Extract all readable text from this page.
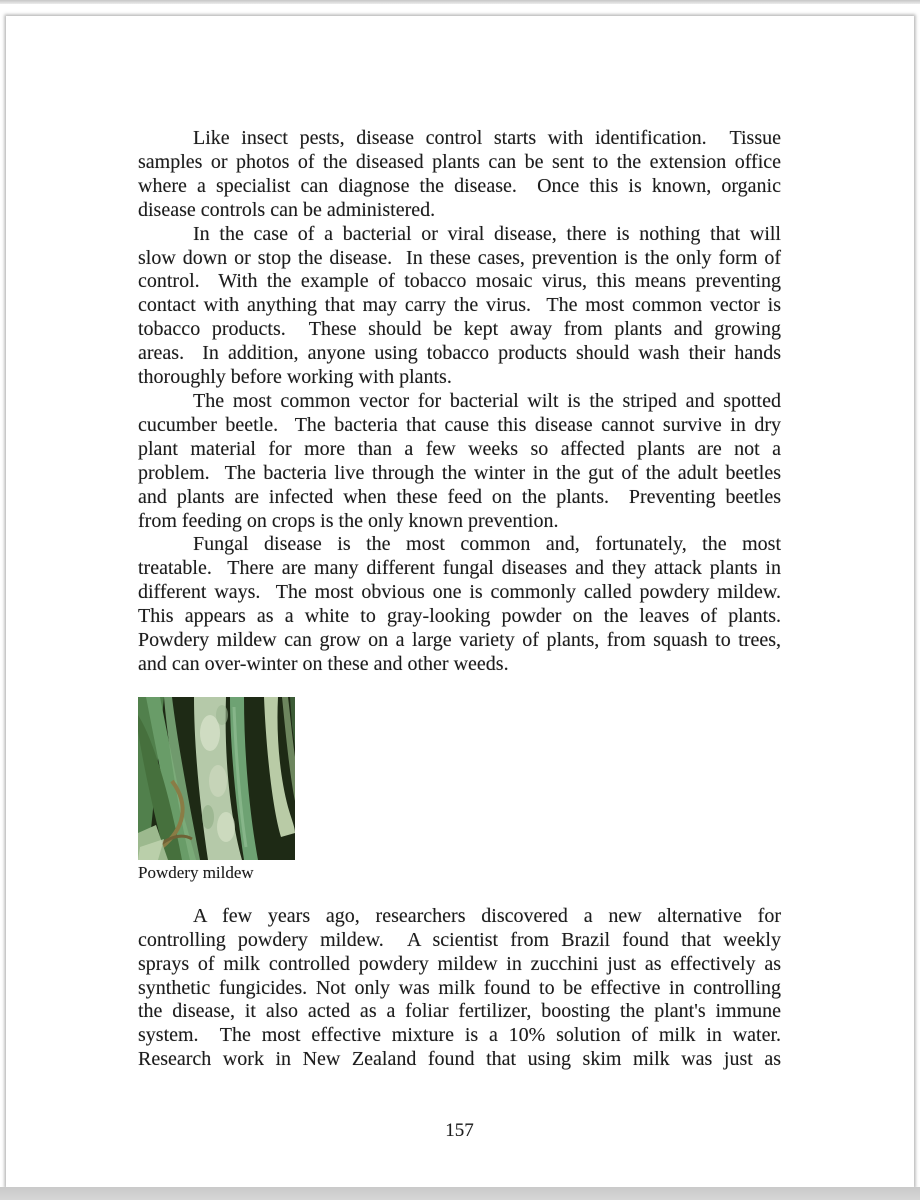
Like insect pests, disease control starts with identification.  Tissue
samples or photos of the diseased plants can be sent to the extension office
where a specialist can diagnose the disease.  Once this is known, organic
disease controls can be administered.
In the case of a bacterial or viral disease, there is nothing that will
slow down or stop the disease.  In these cases, prevention is the only form of
control.  With the example of tobacco mosaic virus, this means preventing
contact with anything that may carry the virus.  The most common vector is
tobacco products.  These should be kept away from plants and growing
areas.  In addition, anyone using tobacco products should wash their hands
thoroughly before working with plants.
The most common vector for bacterial wilt is the striped and spotted
cucumber beetle.  The bacteria that cause this disease cannot survive in dry
plant material for more than a few weeks so affected plants are not a
problem.  The bacteria live through the winter in the gut of the adult beetles
and plants are infected when these feed on the plants.  Preventing beetles
from feeding on crops is the only known prevention.
Fungal disease is the most common and, fortunately, the most
treatable.  There are many different fungal diseases and they attack plants in
different ways.  The most obvious one is commonly called powdery mildew.
This appears as a white to gray-looking powder on the leaves of plants.
Powdery mildew can grow on a large variety of plants, from squash to trees,
and can over-winter on these and other weeds.
Powdery mildew
A few years ago, researchers discovered a new alternative for
controlling powdery mildew.  A scientist from Brazil found that weekly
sprays of milk controlled powdery mildew in zucchini just as effectively as
synthetic fungicides. Not only was milk found to be effective in controlling
the disease, it also acted as a foliar fertilizer, boosting the plant's immune
system.  The most effective mixture is a 10% solution of milk in water.
Research work in New Zealand found that using skim milk was just as
157
